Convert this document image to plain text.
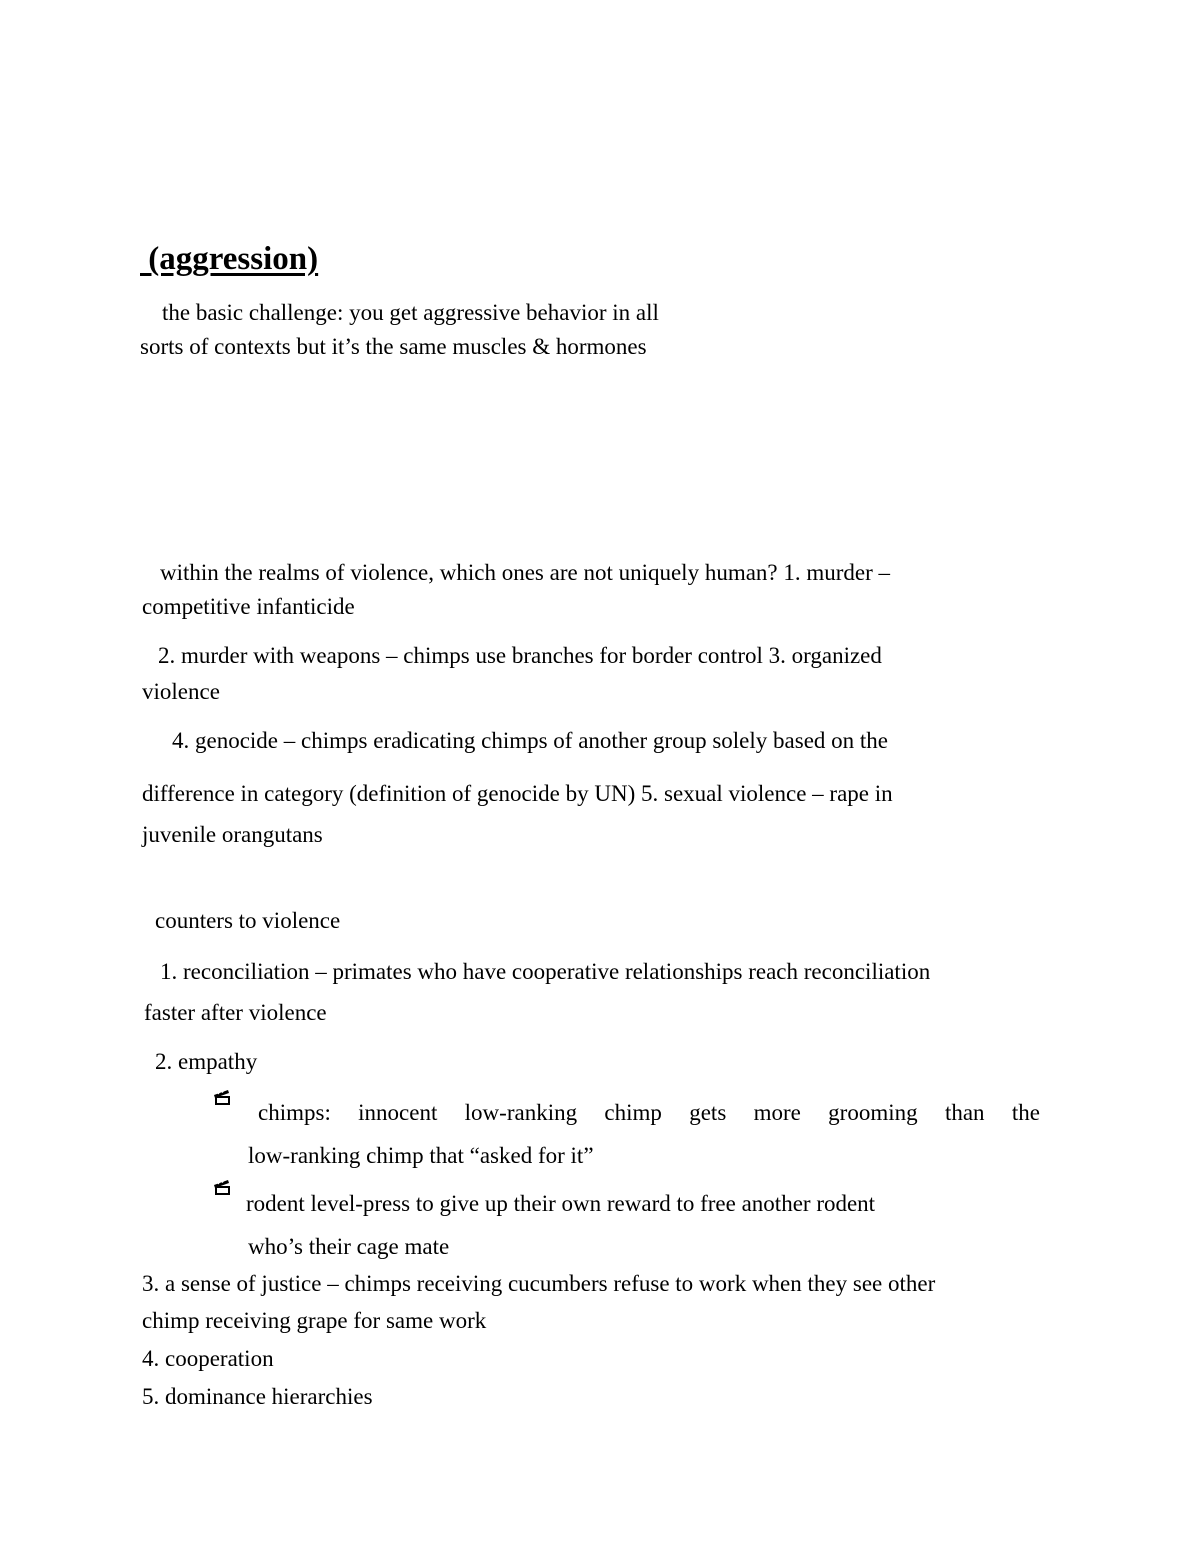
(aggression)
the basic challenge: you get aggressive behavior in all
sorts of contexts but it’s the same muscles & hormones
within the realms of violence, which ones are not uniquely human? 1. murder –
competitive infanticide
2. murder with weapons – chimps use branches for border control 3. organized
violence
4. genocide – chimps eradicating chimps of another group solely based on the
difference in category (definition of genocide by UN) 5. sexual violence – rape in
juvenile orangutans
counters to violence
1. reconciliation – primates who have cooperative relationships reach reconciliation
faster after violence
2. empathy
chimps: innocent low-ranking chimp gets more grooming than the
low-ranking chimp that “asked for it”
rodent level-press to give up their own reward to free another rodent
who’s their cage mate
3. a sense of justice – chimps receiving cucumbers refuse to work when they see other
chimp receiving grape for same work
4. cooperation
5. dominance hierarchies
